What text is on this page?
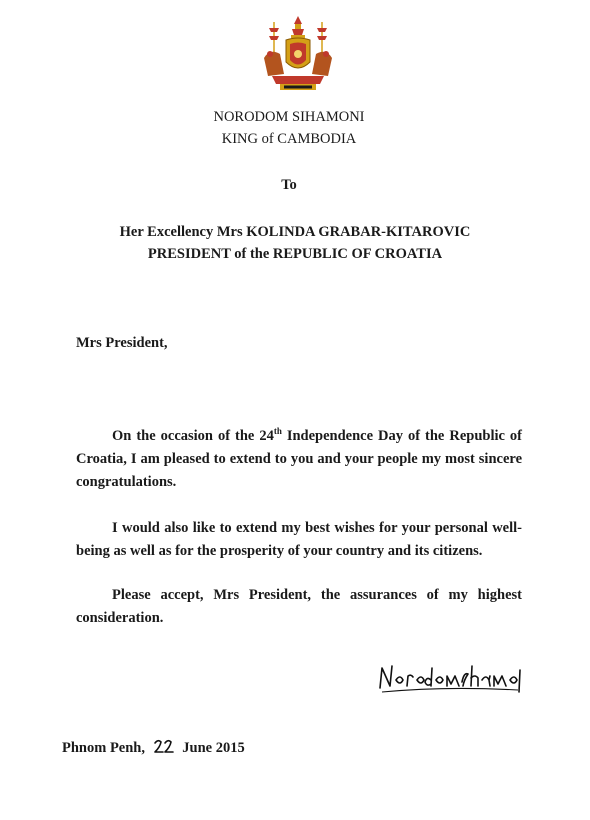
NORODOM SIHAMONI
KING of CAMBODIA
To
Her Excellency Mrs KOLINDA GRABAR-KITAROVIC
PRESIDENT of the REPUBLIC OF CROATIA
Mrs President,

On the occasion of the 24th Independence Day of the Republic of Croatia, I am pleased to extend to you and your people my most sincere congratulations.

I would also like to extend my best wishes for your personal well-being as well as for the prosperity of your country and its citizens.

Please accept, Mrs President, the assurances of my highest consideration.

Phnom Penh,	June 2015
